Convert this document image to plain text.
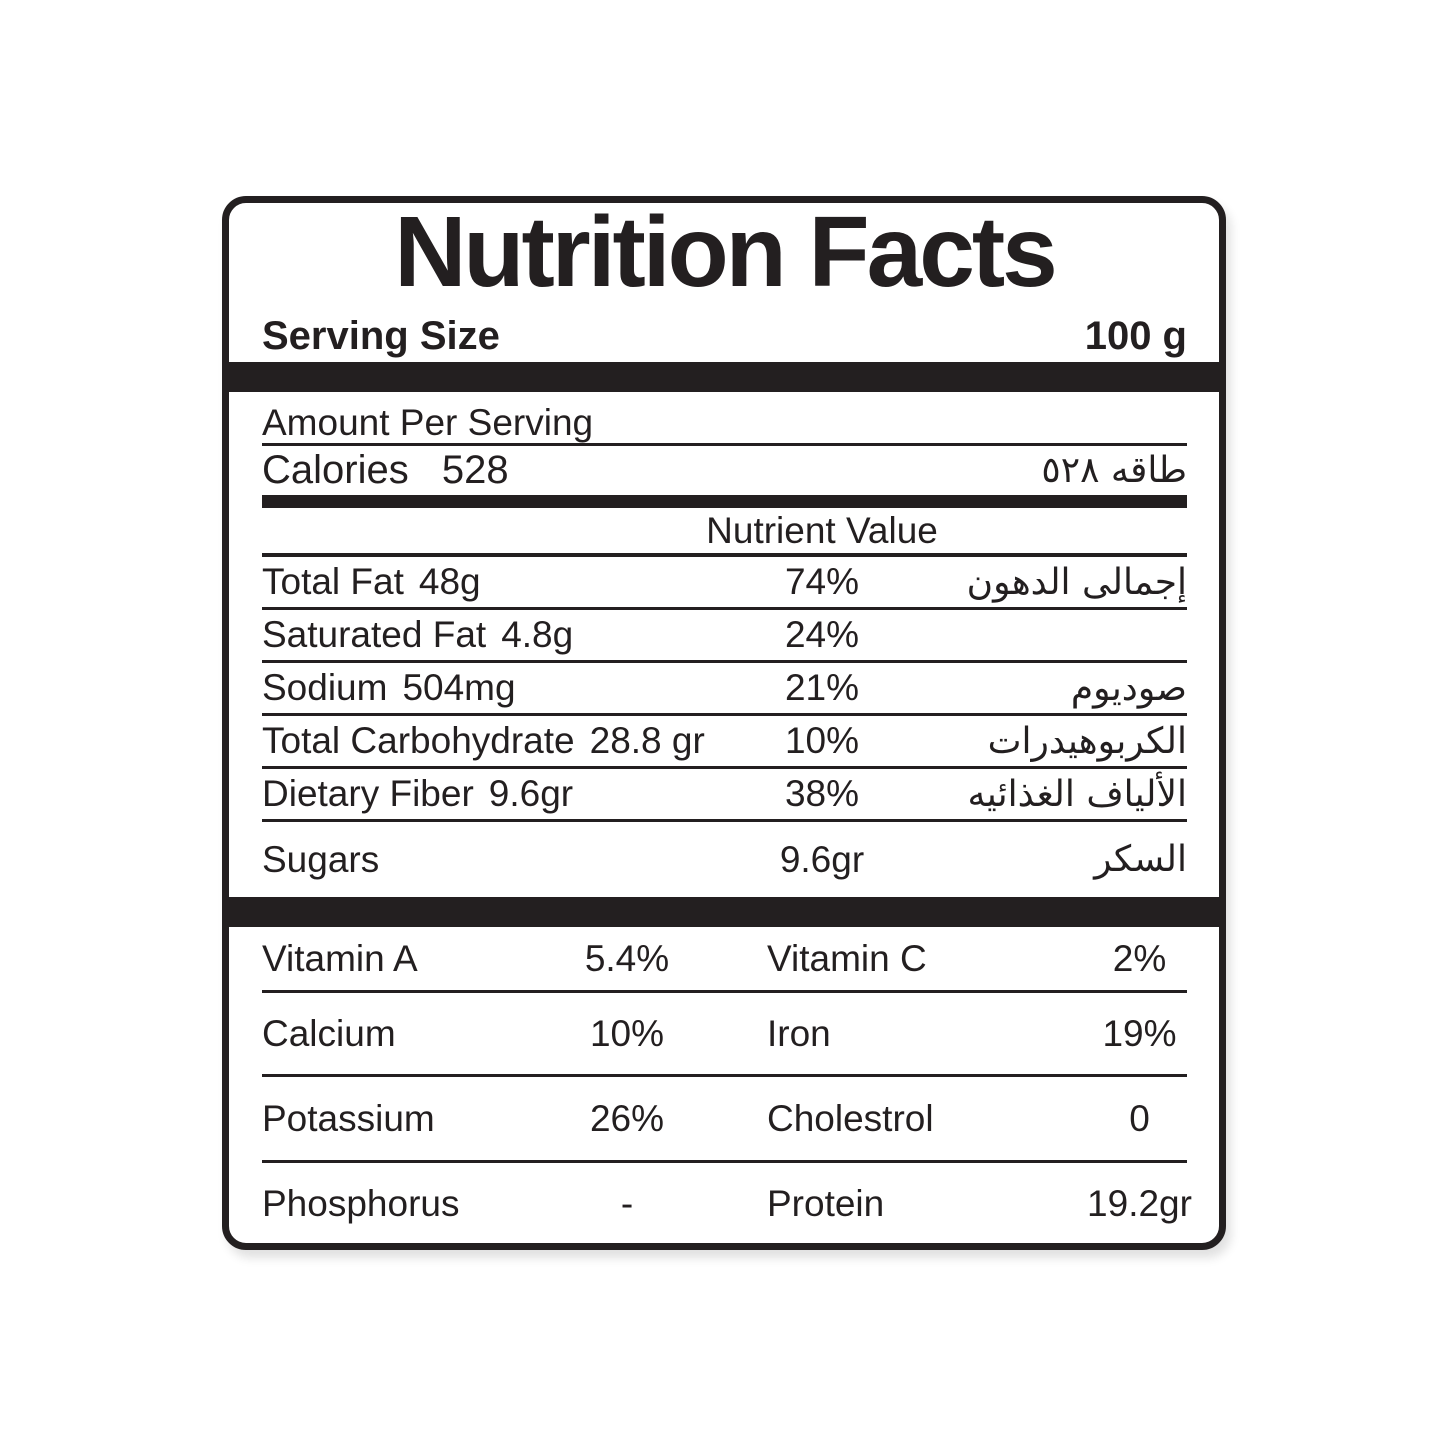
Nutrition Facts
Serving Size	100 g
Amount Per Serving
Calories 528	طاقه ٥٢٨
Nutrient Value
Total Fat 48g	74%	إجمالى الدهون
Saturated Fat 4.8g	24%
Sodium 504mg	21%	صوديوم
Total Carbohydrate 28.8 gr	10%	الكربوهيدرات
Dietary Fiber 9.6gr	38%	الألياف الغذائيه
Sugars	9.6gr	السكر
Vitamin A	5.4%	Vitamin C	2%
Calcium	10%	Iron	19%
Potassium	26%	Cholestrol	0
Phosphorus	-	Protein	19.2gr
